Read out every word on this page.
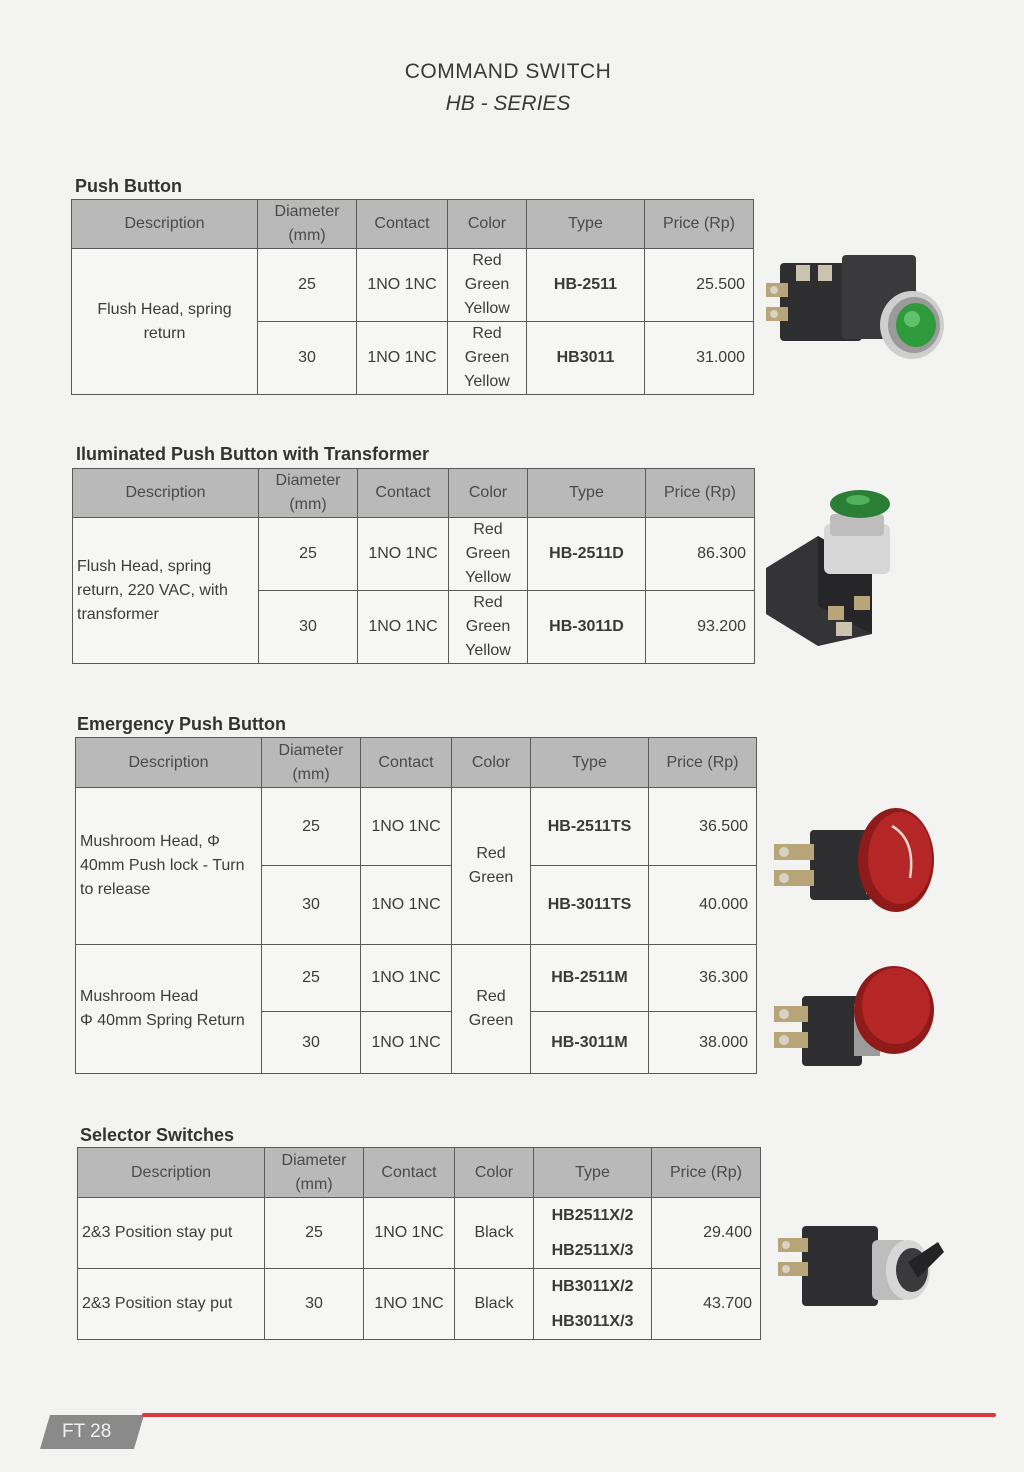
COMMAND SWITCH
HB - SERIES
Push Button
Description	Diameter
(mm)	Contact	Color	Type	Price (Rp)

Flush Head, spring
return	25	1NO 1NC	Red
Green
Yellow	HB-2511	25.500
	30	1NO 1NC	Red
Green
Yellow	HB3011	31.000
Iluminated Push Button with Transformer
Description	Diameter
(mm)	Contact	Color	Type	Price (Rp)

Flush Head, spring
return, 220 VAC, with
transformer	25	1NO 1NC	Red
Green
Yellow	HB-2511D	86.300
	30	1NO 1NC	Red
Green
Yellow	HB-3011D	93.200
Emergency Push Button
Description	Diameter
(mm)	Contact	Color	Type	Price (Rp)

Mushroom Head, Φ
40mm Push lock - Turn
to release	25	1NO 1NC	Red
Green	HB-2511TS	36.500
	30	1NO 1NC		HB-3011TS	40.000

Mushroom Head
Φ 40mm Spring Return	25	1NO 1NC	Red
Green	HB-2511M	36.300
	30	1NO 1NC		HB-3011M	38.000
Selector Switches
Description	Diameter
(mm)	Contact	Color	Type	Price (Rp)
2&3 Position stay put	25	1NO 1NC	Black	HB2511X/2
HB2511X/3	29.400
2&3 Position stay put	30	1NO 1NC	Black	HB3011X/2
HB3011X/3	43.700
FT 28
